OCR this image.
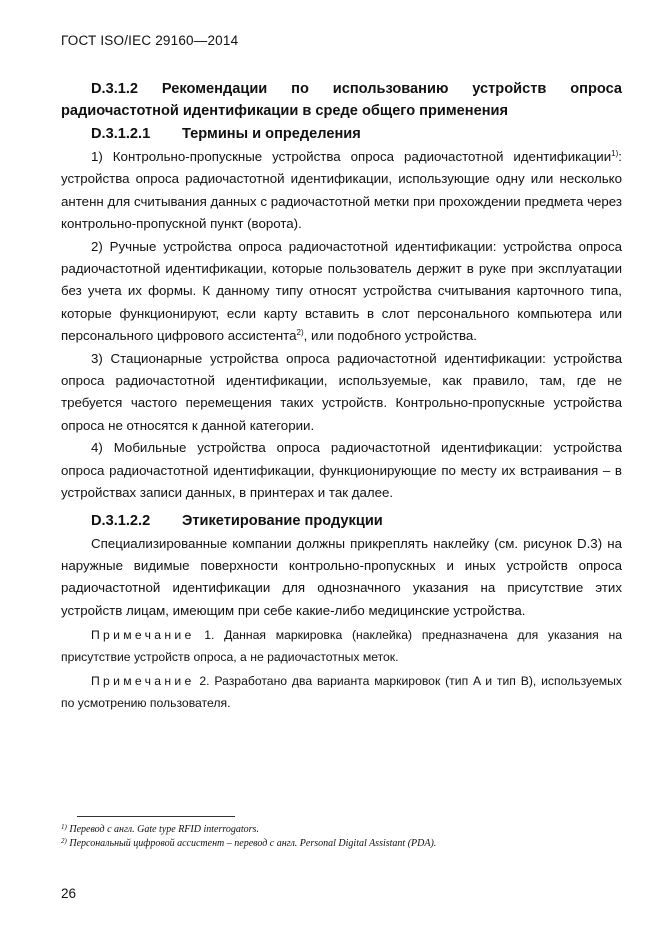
ГОСТ ISO/IEC 29160—2014

D.3.1.2 Рекомендации по использованию устройств опроса радиочастотной идентификации в среде общего применения

D.3.1.2.1	Термины и определения

1) Контрольно-пропускные устройства опроса радиочастотной идентификации$^{1)}$: устройства опроса радиочастотной идентификации, использующие одну или несколько антенн для считывания данных с радиочастотной метки при прохождении предмета через контрольно-пропускной пункт (ворота).

2) Ручные устройства опроса радиочастотной идентификации: устройства опроса радиочастотной идентификации, которые пользователь держит в руке при эксплуатации без учета их формы. К данному типу относят устройства считывания карточного типа, которые функционируют, если карту вставить в слот персонального компьютера или персонального цифрового ассистента$^{2)}$, или подобного устройства.

3) Стационарные устройства опроса радиочастотной идентификации: устройства опроса радиочастотной идентификации, используемые, как правило, там, где не требуется частого перемещения таких устройств. Контрольно-пропускные устройства опроса не относятся к данной категории.

4) Мобильные устройства опроса радиочастотной идентификации: устройства опроса радиочастотной идентификации, функционирующие по месту их встраивания – в устройствах записи данных, в принтерах и так далее.

D.3.1.2.2	Этикетирование продукции

Специализированные компании должны прикреплять наклейку (см. рисунок D.3) на наружные видимые поверхности контрольно-пропускных и иных устройств опроса радиочастотной идентификации для однозначного указания на присутствие этих устройств лицам, имеющим при себе какие-либо медицинские устройства.

Примечание 1. Данная маркировка (наклейка) предназначена для указания на присутствие устройств опроса, а не радиочастотных меток.

Примечание 2. Разработано два варианта маркировок (тип A и тип B), используемых по усмотрению пользователя.

$^{1)}$ Перевод с англ. Gate type RFID interrogators.
$^{2)}$ Персональный цифровой ассистент – перевод с англ. Personal Digital Assistant (PDA).
26
